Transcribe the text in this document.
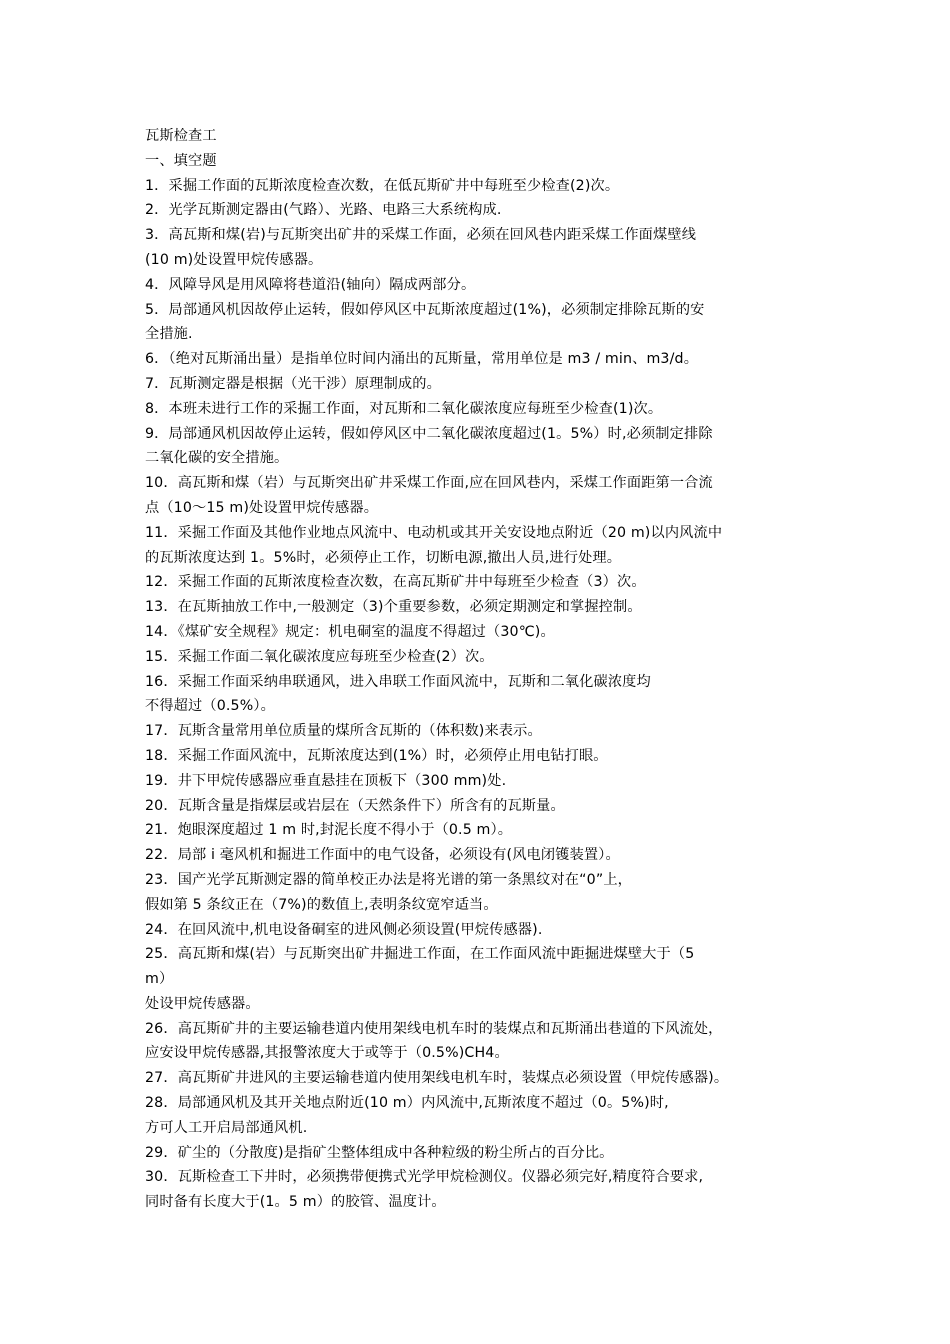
瓦斯检查工
一、填空题
1．采掘工作面的瓦斯浓度检查次数，在低瓦斯矿井中每班至少检查(2)次。
2．光学瓦斯测定器由(气路）、光路、电路三大系统构成.
3．高瓦斯和煤(岩)与瓦斯突出矿井的采煤工作面，必须在回风巷内距采煤工作面煤壁线
(10 m)处设置甲烷传感器。
4．风障导风是用风障将巷道沿(轴向）隔成两部分。
5．局部通风机因故停止运转，假如停风区中瓦斯浓度超过(1%)，必须制定排除瓦斯的安
全措施.
6．（绝对瓦斯涌出量）是指单位时间内涌出的瓦斯量，常用单位是 m3 / min、m3/d。
7．瓦斯测定器是根据（光干涉）原理制成的。
8．本班未进行工作的采掘工作面，对瓦斯和二氧化碳浓度应每班至少检查(1)次。
9．局部通风机因故停止运转，假如停风区中二氧化碳浓度超过(1。5%）时,必须制定排除
二氧化碳的安全措施。
10．高瓦斯和煤（岩）与瓦斯突出矿井采煤工作面,应在回风巷内，采煤工作面距第一合流
点（10～15 m)处设置甲烷传感器。
11．采掘工作面及其他作业地点风流中、电动机或其开关安设地点附近（20 m)以内风流中
的瓦斯浓度达到 1。5%时，必须停止工作，切断电源,撤出人员,进行处理。
12．采掘工作面的瓦斯浓度检查次数，在高瓦斯矿井中每班至少检查（3）次。
13．在瓦斯抽放工作中,一般测定（3)个重要参数，必须定期测定和掌握控制。
14．《煤矿安全规程》规定：机电硐室的温度不得超过（30℃)。
15．采掘工作面二氧化碳浓度应每班至少检查(2）次。
16．采掘工作面采纳串联通风，进入串联工作面风流中，瓦斯和二氧化碳浓度均
不得超过（0.5%）。
17．瓦斯含量常用单位质量的煤所含瓦斯的（体积数)来表示。
18．采掘工作面风流中，瓦斯浓度达到(1%）时，必须停止用电钻打眼。
19．井下甲烷传感器应垂直悬挂在顶板下（300 mm)处.
20．瓦斯含量是指煤层或岩层在（天然条件下）所含有的瓦斯量。
21．炮眼深度超过 1 m 时,封泥长度不得小于（0.5 m）。
22．局部 i 毫风机和掘进工作面中的电气设备，必须设有(风电闭镬装置）。
23．国产光学瓦斯测定器的简单校正办法是将光谱的第一条黑纹对在“0”上，
假如第 5 条纹正在（7%)的数值上,表明条纹宽窄适当。
24．在回风流中,机电设备硐室的进风侧必须设置(甲烷传感器).
25．高瓦斯和煤(岩）与瓦斯突出矿井掘进工作面，在工作面风流中距掘进煤壁大于（5
m）
处设甲烷传感器。
26．高瓦斯矿井的主要运输巷道内使用架线电机车时的装煤点和瓦斯涌出巷道的下风流处，
应安设甲烷传感器,其报警浓度大于或等于（0.5%)CH4。
27．高瓦斯矿井进风的主要运输巷道内使用架线电机车时，装煤点必须设置（甲烷传感器)。
28．局部通风机及其开关地点附近(10 m）内风流中,瓦斯浓度不超过（0。5%)时,
方可人工开启局部通风机.
29．矿尘的（分散度)是指矿尘整体组成中各种粒级的粉尘所占的百分比。
30．瓦斯检查工下井时，必须携带便携式光学甲烷检测仪。仪器必须完好,精度符合要求,
同时备有长度大于(1。5 m）的胶管、温度计。
